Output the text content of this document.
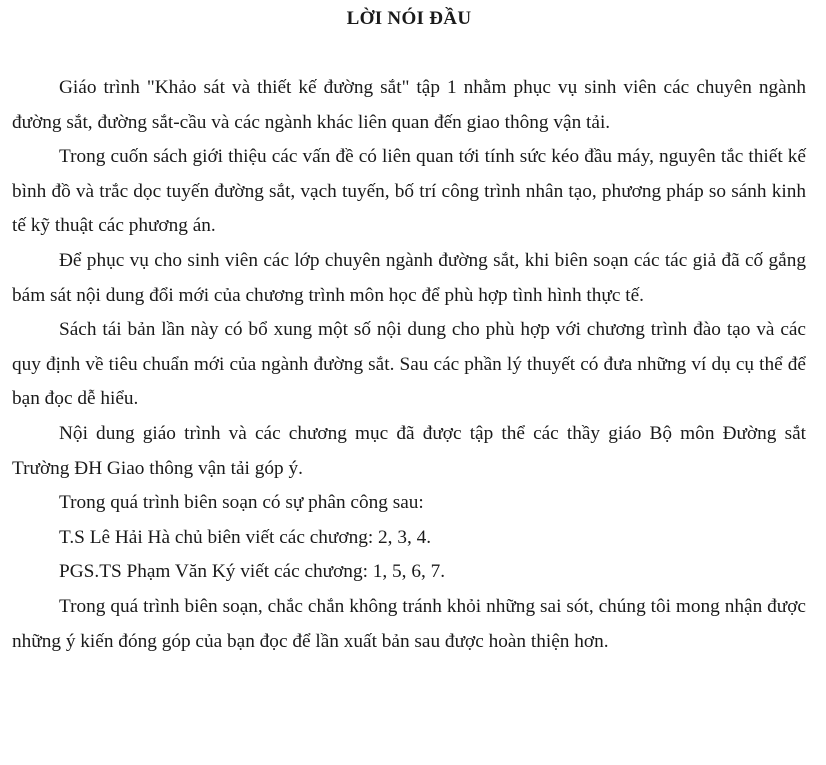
LỜI NÓI ĐẦU

Giáo trình "Khảo sát và thiết kế đường sắt" tập 1 nhằm phục vụ sinh viên các chuyên ngành đường sắt, đường sắt-cầu và các ngành khác liên quan đến giao thông vận tải.

Trong cuốn sách giới thiệu các vấn đề có liên quan tới tính sức kéo đầu máy, nguyên tắc thiết kế bình đồ và trắc dọc tuyến đường sắt, vạch tuyến, bố trí công trình nhân tạo, phương pháp so sánh kinh tế kỹ thuật các phương án.

Để phục vụ cho sinh viên các lớp chuyên ngành đường sắt, khi biên soạn các tác giả đã cố gắng bám sát nội dung đổi mới của chương trình môn học để phù hợp tình hình thực tế.

Sách tái bản lần này có bổ xung một số nội dung cho phù hợp với chương trình đào tạo và các quy định về tiêu chuẩn mới của ngành đường sắt. Sau các phần lý thuyết có đưa những ví dụ cụ thể để bạn đọc dễ hiểu.

Nội dung giáo trình và các chương mục đã được tập thể các thầy giáo Bộ môn Đường sắt Trường ĐH Giao thông vận tải góp ý.

Trong quá trình biên soạn có sự phân công sau:

T.S Lê Hải Hà chủ biên viết các chương: 2, 3, 4.

PGS.TS Phạm Văn Ký viết các chương: 1, 5, 6, 7.

Trong quá trình biên soạn, chắc chắn không tránh khỏi những sai sót, chúng tôi mong nhận được những ý kiến đóng góp của bạn đọc để lần xuất bản sau được hoàn thiện hơn.
